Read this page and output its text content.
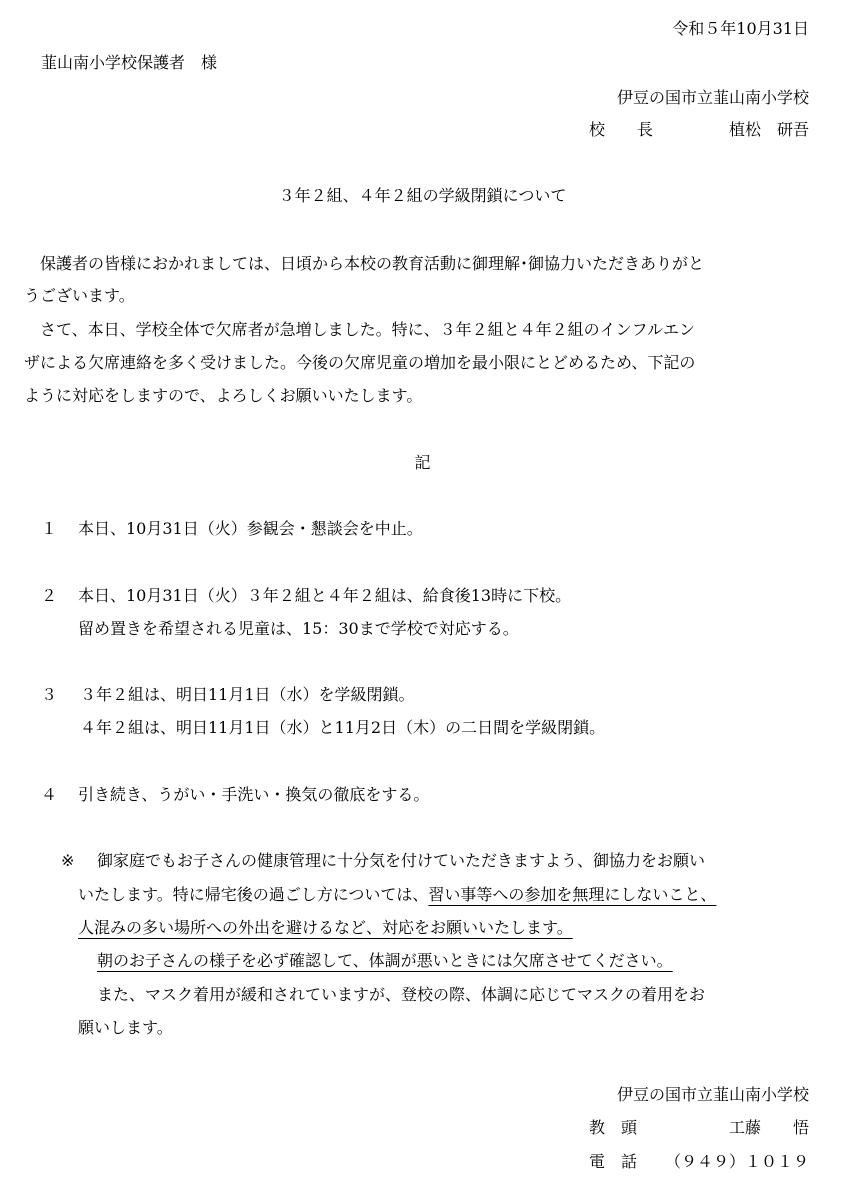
令和５年10月31日
韮山南小学校保護者　様
伊豆の国市立韮山南小学校
校　　長	植松　研吾
３年２組、４年２組の学級閉鎖について
　保護者の皆様におかれましては、日頃から本校の教育活動に御理解･御協力いただきありがと
うございます。
　さて、本日、学校全体で欠席者が急増しました。特に、３年２組と４年２組のインフルエン
ザによる欠席連絡を多く受けました。今後の欠席児童の増加を最小限にとどめるため、下記の
ように対応をしますので、よろしくお願いいたします。
記
１ 本日、10月31日（火）参観会・懇談会を中止。
２ 本日、10月31日（火）３年２組と４年２組は、給食後13時に下校。
留め置きを希望される児童は、15：30まで学校で対応する。
３ ３年２組は、明日11月1日（水）を学級閉鎖。
４年２組は、明日11月1日（水）と11月2日（木）の二日間を学級閉鎖。
４ 引き続き、うがい・手洗い・換気の徹底をする。
※ 御家庭でもお子さんの健康管理に十分気を付けていただきますよう、御協力をお願い
いたします。特に帰宅後の過ごし方については、習い事等への参加を無理にしないこと、
人混みの多い場所への外出を避けるなど、対応をお願いいたします。
朝のお子さんの様子を必ず確認して、体調が悪いときには欠席させてください。
また、マスク着用が緩和されていますが、登校の際、体調に応じてマスクの着用をお
願いします。
伊豆の国市立韮山南小学校
教　頭	工藤　　悟
電　話	（９４９）１０１９
